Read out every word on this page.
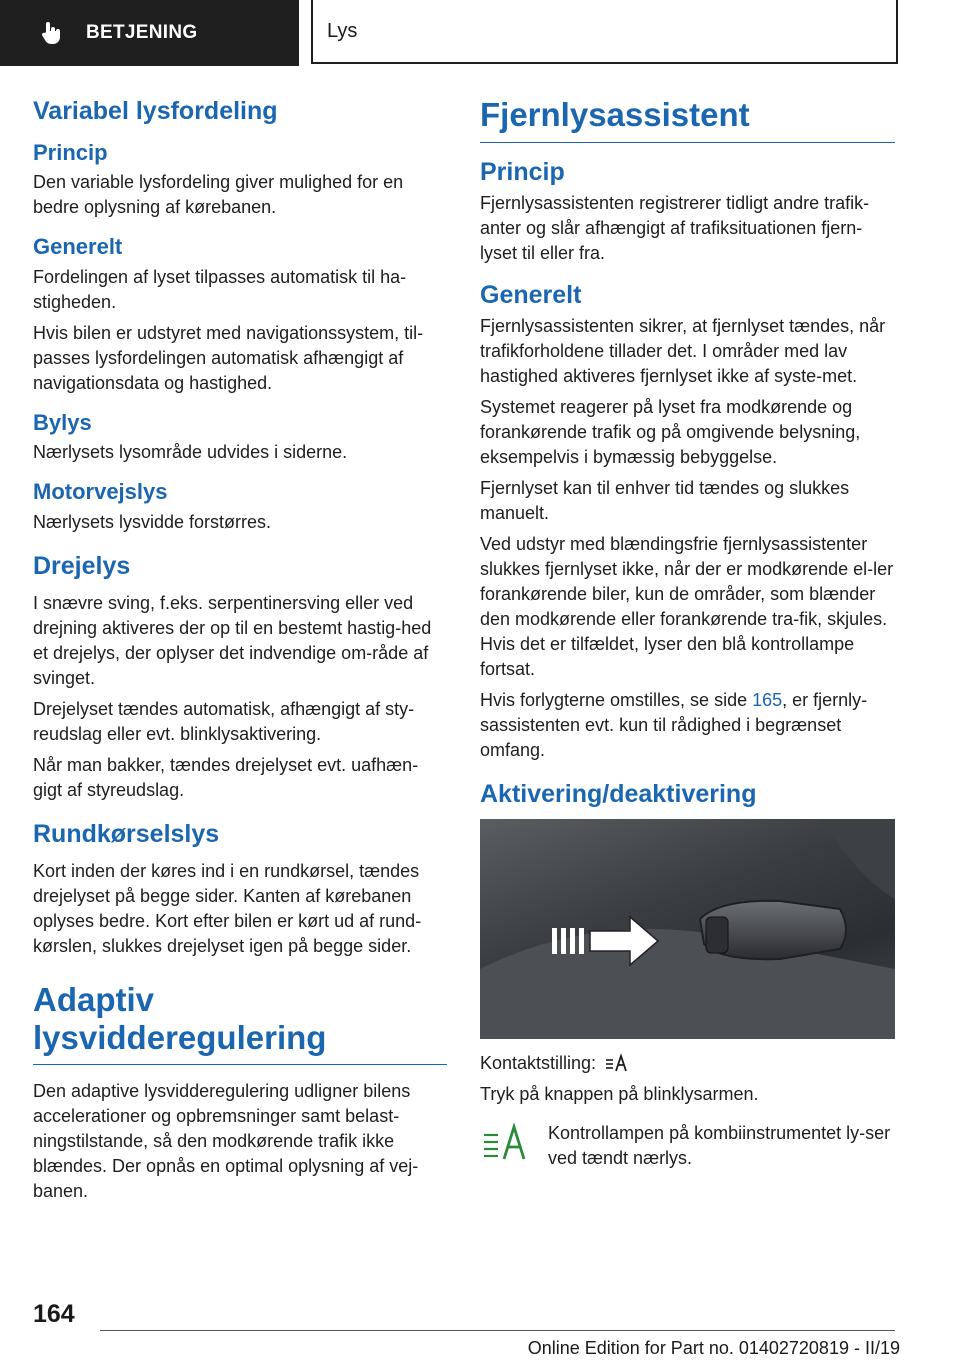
BETJENING	Lys
Variabel lysfordeling
Princip

Den variable lysfordeling giver mulighed for en bedre oplysning af kørebanen.

Generelt

Fordelingen af lyset tilpasses automatisk til ha-stigheden.

Hvis bilen er udstyret med navigationssystem, til-passes lysfordelingen automatisk afhængigt af navigationsdata og hastighed.

Bylys

Nærlysets lysområde udvides i siderne.

Motorvejslys

Nærlysets lysvidde forstørres.

Drejelys

I snævre sving, f.eks. serpentinersving eller ved drejning aktiveres der op til en bestemt hastig-hed et drejelys, der oplyser det indvendige om-råde af svinget.

Drejelyset tændes automatisk, afhængigt af sty-reudslag eller evt. blinklysaktivering.

Når man bakker, tændes drejelyset evt. uafhæn-gigt af styreudslag.

Rundkørselslys

Kort inden der køres ind i en rundkørsel, tændes drejelyset på begge sider. Kanten af kørebanen oplyses bedre. Kort efter bilen er kørt ud af rund-kørslen, slukkes drejelyset igen på begge sider.

Adaptiv lysvidderegulering

Den adaptive lysvidderegulering udligner bilens accelerationer og opbremsninger samt belast-ningstilstande, så den modkørende trafik ikke blændes. Der opnås en optimal oplysning af vej-banen.

Fjernlysassistent
Princip

Fjernlysassistenten registrerer tidligt andre trafik-anter og slår afhængigt af trafiksituationen fjern-lyset til eller fra.

Generelt

Fjernlysassistenten sikrer, at fjernlyset tændes, når trafikforholdene tillader det. I områder med lav hastighed aktiveres fjernlyset ikke af syste-met.

Systemet reagerer på lyset fra modkørende og forankørende trafik og på omgivende belysning, eksempelvis i bymæssig bebyggelse.

Fjernlyset kan til enhver tid tændes og slukkes manuelt.

Ved udstyr med blændingsfrie fjernlysassistenter slukkes fjernlyset ikke, når der er modkørende el-ler forankørende biler, kun de områder, som blænder den modkørende eller forankørende tra-fik, skjules. Hvis det er tilfældet, lyser den blå kontrollampe fortsat.

Hvis forlygterne omstilles, se side 165, er fjernly-sassistenten evt. kun til rådighed i begrænset omfang.

Aktivering/deaktivering

Kontaktstilling:

Tryk på knappen på blinklysarmen.

Kontrollampen på kombiinstrumentet ly-ser ved tændt nærlys.

164
Online Edition for Part no. 01402720819 - II/19
